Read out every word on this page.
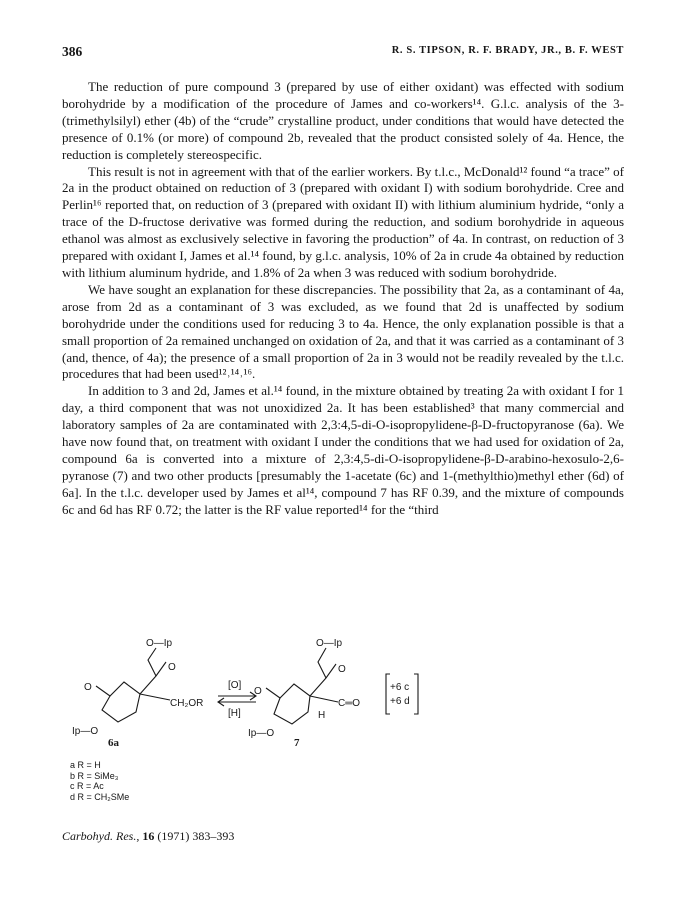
386	R. S. TIPSON, R. F. BRADY, JR., B. F. WEST

The reduction of pure compound 3 (prepared by use of either oxidant) was effected with sodium borohydride by a modification of the procedure of James and co-workers¹⁴. G.l.c. analysis of the 3-(trimethylsilyl) ether (4b) of the “crude” crystalline product, under conditions that would have detected the presence of 0.1% (or more) of compound 2b, revealed that the product consisted solely of 4a. Hence, the reduction is completely stereospecific.

This result is not in agreement with that of the earlier workers. By t.l.c., McDonald¹² found “a trace” of 2a in the product obtained on reduction of 3 (prepared with oxidant I) with sodium borohydride. Cree and Perlin¹⁶ reported that, on reduction of 3 (prepared with oxidant II) with lithium aluminium hydride, “only a trace of the D-fructose derivative was formed during the reduction, and sodium borohydride in aqueous ethanol was almost as exclusively selective in favoring the production” of 4a. In contrast, on reduction of 3 prepared with oxidant I, James et al.¹⁴ found, by g.l.c. analysis, 10% of 2a in crude 4a obtained by reduction with lithium aluminum hydride, and 1.8% of 2a when 3 was reduced with sodium borohydride.

We have sought an explanation for these discrepancies. The possibility that 2a, as a contaminant of 4a, arose from 2d as a contaminant of 3 was excluded, as we found that 2d is unaffected by sodium borohydride under the conditions used for reducing 3 to 4a. Hence, the only explanation possible is that a small proportion of 2a remained unchanged on oxidation of 2a, and that it was carried as a contaminant of 3 (and, thence, of 4a); the presence of a small proportion of 2a in 3 would not be readily revealed by the t.l.c. procedures that had been used¹²˒¹⁴˒¹⁶.

In addition to 3 and 2d, James et al.¹⁴ found, in the mixture obtained by treating 2a with oxidant I for 1 day, a third component that was not unoxidized 2a. It has been established³ that many commercial and laboratory samples of 2a are contaminated with 2,3:4,5-di-O-isopropylidene-β-D-fructopyranose (6a). We have now found that, on treatment with oxidant I under the conditions that we had used for oxidation of 2a, compound 6a is converted into a mixture of 2,3:4,5-di-O-isopropylidene-β-D-arabino-hexosulo-2,6-pyranose (7) and two other products [presumably the 1-acetate (6c) and 1-(methylthio)methyl ether (6d) of 6a]. In the t.l.c. developer used by James et al¹⁴, compound 7 has RF 0.39, and the mixture of compounds 6c and 6d has RF 0.72; the latter is the RF value reported¹⁴ for the “third

O—Ip
O
CH₂OR
O
Ip—O
[O]
[H]
O—Ip
O
O
C═O
H
Ip—O
+6 c
+6 d
6a	7
a R = H
b R = SiMe₃
c R = Ac
d R = CH₂SMe
Carbohyd. Res., 16 (1971) 383–393
